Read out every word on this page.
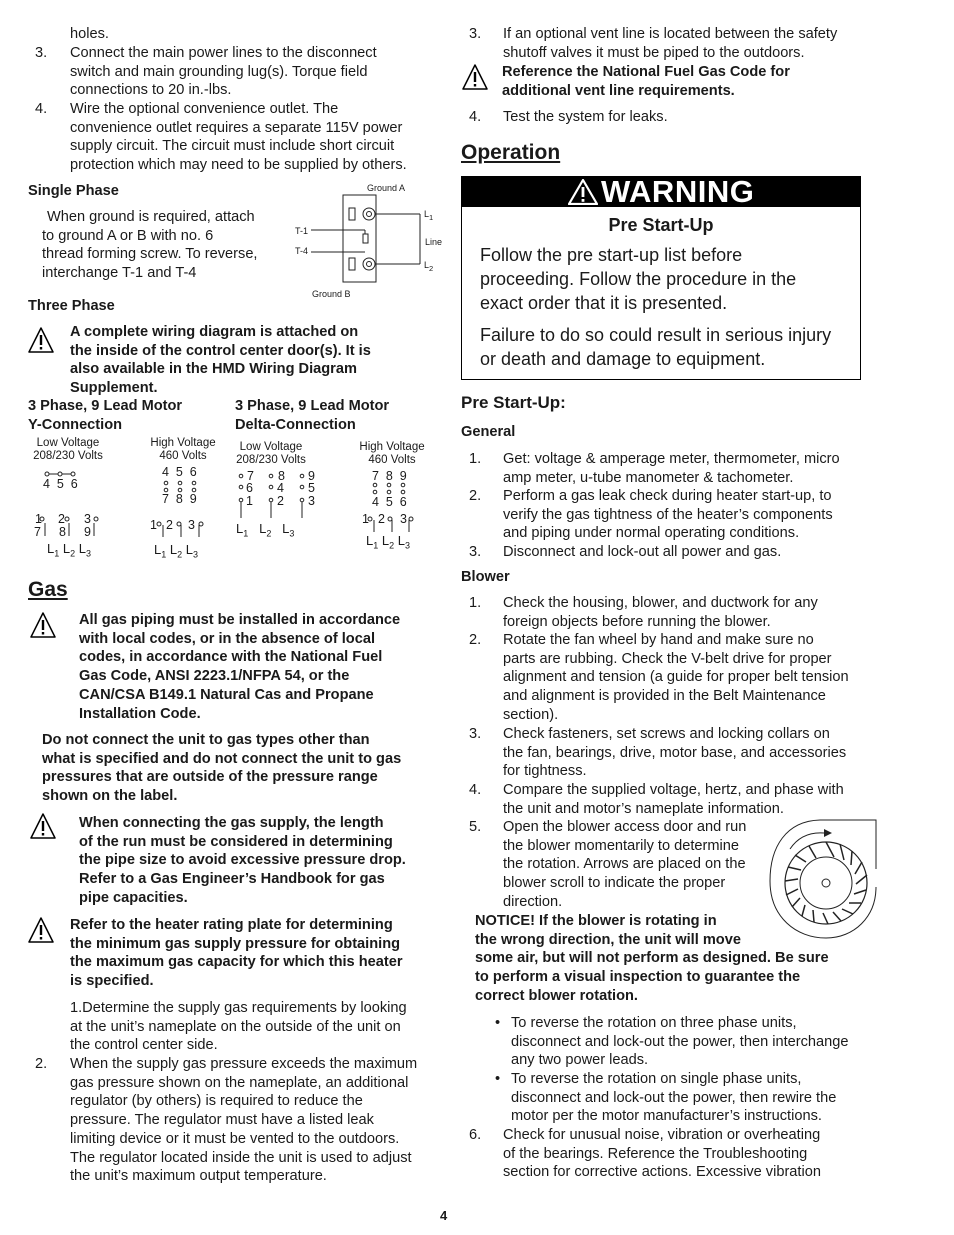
holes.
3. Connect the main power lines to the disconnect
switch and main grounding lug(s). Torque field
connections to 20 in.-lbs.
4. Wire the optional convenience outlet. The
convenience outlet requires a separate 115V power
supply circuit. The circuit must include short circuit
protection which may need to be supplied by others.
Single Phase
When ground is required, attach
to ground A or B with no. 6
thread forming screw. To reverse,
interchange T-1 and T-4
Ground A
Ground B
T-1
T-4
$L_1$
Line
$L_2$
Three Phase
A complete wiring diagram is attached on
the inside of the control center door(s). It is
also available in the HMD Wiring Diagram
Supplement.
3 Phase, 9 Lead Motor
Y-Connection
3 Phase, 9 Lead Motor
Delta-Connection
Low Voltage
208/230 Volts
4  5  6
1 2 3
7 8 9
$L_1$ $L_2$ $L_3$
High Voltage
460 Volts
4  5  6
7  8  9
1 2 3
$L_1$ $L_2$ $L_3$
Low Voltage
208/230 Volts
7 8 9
6 4 5
1 2 3
$L_1$   $L_2$   $L_3$
High Voltage
460 Volts
7  8  9
4  5  6
1 2 3
$L_1$ $L_2$ $L_3$
Gas
All gas piping must be installed in accordance
with local codes, or in the absence of local
codes, in accordance with the National Fuel
Gas Code, ANSI 2223.1/NFPA 54, or the
CAN/CSA B149.1 Natural Cas and Propane
Installation Code.
Do not connect the unit to gas types other than
what is specified and do not connect the unit to gas
pressures that are outside of the pressure range
shown on the label.
When connecting the gas supply, the length
of the run must be considered in determining
the pipe size to avoid excessive pressure drop.
Refer to a Gas Engineer’s Handbook for gas
pipe capacities.
Refer to the heater rating plate for determining
the minimum gas supply pressure for obtaining
the maximum gas capacity for which this heater
is specified.
1.Determine the supply gas requirements by looking
at the unit’s nameplate on the outside of the unit on
the control center side.
2. When the supply gas pressure exceeds the maximum
gas pressure shown on the nameplate, an additional
regulator (by others) is required to reduce the
pressure. The regulator must have a listed leak
limiting device or it must be vented to the outdoors.
The regulator located inside the unit is used to adjust
the unit’s maximum output temperature.
3. If an optional vent line is located between the safety
shutoff valves it must be piped to the outdoors.
Reference the National Fuel Gas Code for
additional vent line requirements.
4. Test the system for leaks.
Operation
WARNING
Pre Start-Up
Follow the pre start-up list before
proceeding. Follow the procedure in the
exact order that it is presented.
Failure to do so could result in serious injury
or death and damage to equipment.
Pre Start-Up:
General
1. Get: voltage & amperage meter, thermometer, micro
amp meter, u-tube manometer & tachometer.
2. Perform a gas leak check during heater start-up, to
verify the gas tightness of the heater’s components
and piping under normal operating conditions.
3. Disconnect and lock-out all power and gas.
Blower
1. Check the housing, blower, and ductwork for any
foreign objects before running the blower.
2. Rotate the fan wheel by hand and make sure no
parts are rubbing. Check the V-belt drive for proper
alignment and tension (a guide for proper belt tension
and alignment is provided in the Belt Maintenance
section).
3. Check fasteners, set screws and locking collars on
the fan, bearings, drive, motor base, and accessories
for tightness.
4. Compare the supplied voltage, hertz, and phase with
the unit and motor’s nameplate information.
5. Open the blower access door and run
the blower momentarily to determine
the rotation. Arrows are placed on the
blower scroll to indicate the proper
direction.
NOTICE! If the blower is rotating in
the wrong direction, the unit will move
some air, but will not perform as designed. Be sure
to perform a visual inspection to guarantee the
correct blower rotation.
• To reverse the rotation on three phase units,
disconnect and lock-out the power, then interchange
any two power leads.
• To reverse the rotation on single phase units,
disconnect and lock-out the power, then rewire the
motor per the motor manufacturer’s instructions.
6. Check for unusual noise, vibration or overheating
of the bearings. Reference the Troubleshooting
section for corrective actions. Excessive vibration
4
